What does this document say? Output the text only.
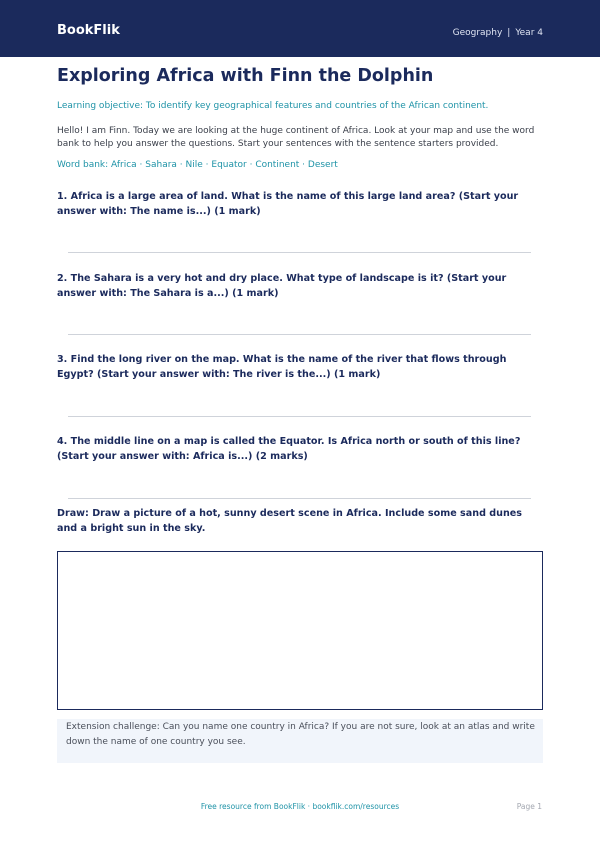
BookFlik	Geography | Year 4
Exploring Africa with Finn the Dolphin
Learning objective: To identify key geographical features and countries of the African continent.
Hello! I am Finn. Today we are looking at the huge continent of Africa. Look at your map and use the word bank to help you answer the questions. Start your sentences with the sentence starters provided.
Word bank: Africa · Sahara · Nile · Equator · Continent · Desert
1. Africa is a large area of land. What is the name of this large land area? (Start your answer with: The name is...) (1 mark)
2. The Sahara is a very hot and dry place. What type of landscape is it? (Start your answer with: The Sahara is a...) (1 mark)
3. Find the long river on the map. What is the name of the river that flows through Egypt? (Start your answer with: The river is the...) (1 mark)
4. The middle line on a map is called the Equator. Is Africa north or south of this line? (Start your answer with: Africa is...) (2 marks)
Draw: Draw a picture of a hot, sunny desert scene in Africa. Include some sand dunes and a bright sun in the sky.
Extension challenge: Can you name one country in Africa? If you are not sure, look at an atlas and write down the name of one country you see.
Free resource from BookFlik · bookflik.com/resources	Page 1
